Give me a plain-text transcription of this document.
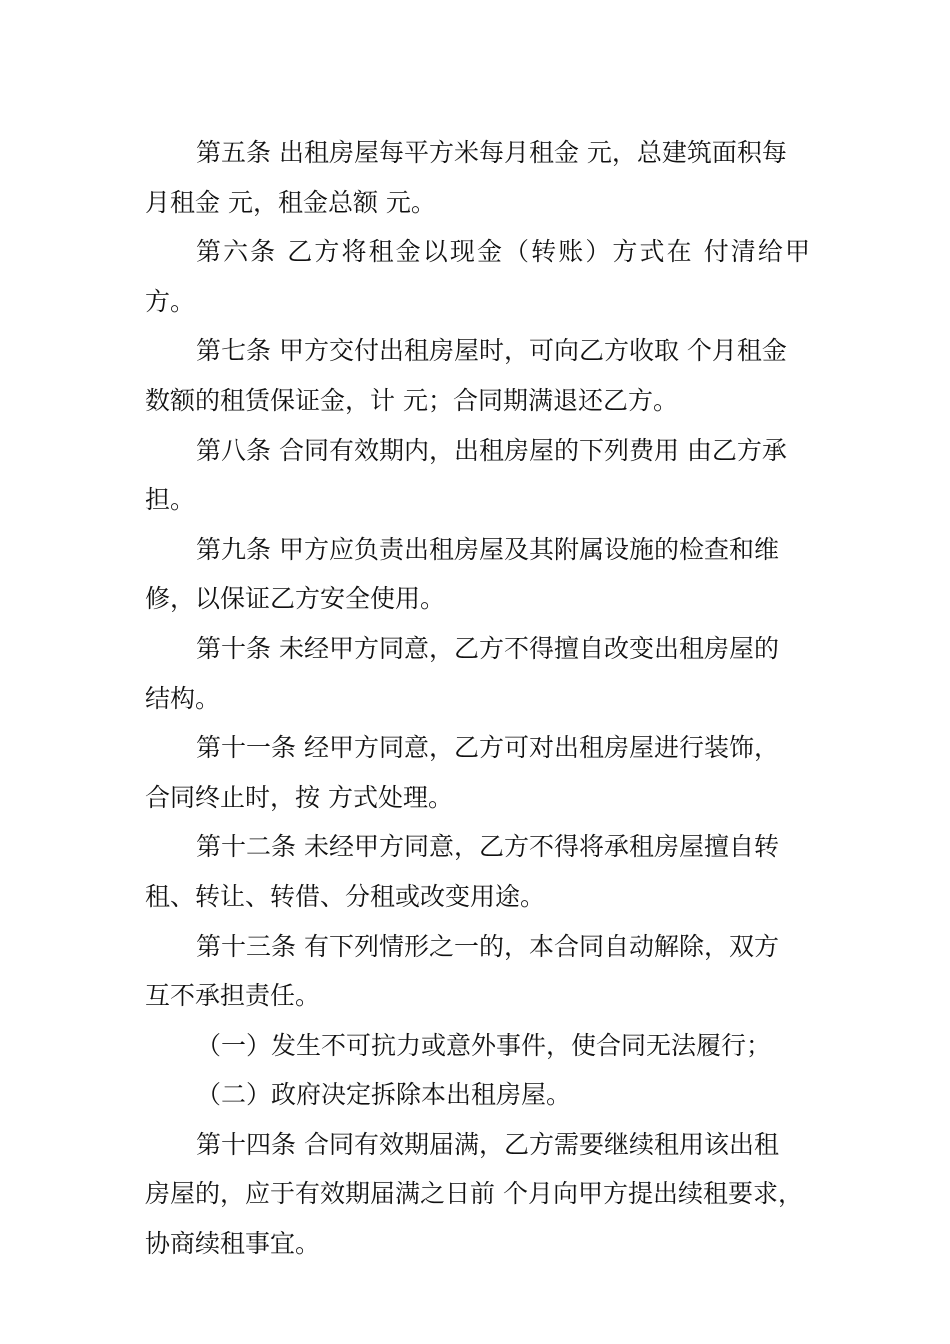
第五条 出租房屋每平方米每月租金 元，总建筑面积每
月租金 元，租金总额 元。

第六条 乙方将租金以现金（转账）方式在 付清给甲方。

第七条 甲方交付出租房屋时，可向乙方收取 个月租金
数额的租赁保证金，计 元；合同期满退还乙方。

第八条 合同有效期内，出租房屋的下列费用 由乙方承
担。

第九条 甲方应负责出租房屋及其附属设施的检查和维
修，以保证乙方安全使用。

第十条 未经甲方同意，乙方不得擅自改变出租房屋的
结构。

第十一条 经甲方同意，乙方可对出租房屋进行装饰，
合同终止时，按 方式处理。

第十二条 未经甲方同意，乙方不得将承租房屋擅自转
租、转让、转借、分租或改变用途。

第十三条 有下列情形之一的，本合同自动解除，双方
互不承担责任。

（一）发生不可抗力或意外事件，使合同无法履行；

（二）政府决定拆除本出租房屋。

第十四条 合同有效期届满，乙方需要继续租用该出租
房屋的，应于有效期届满之日前 个月向甲方提出续租要求，
协商续租事宜。
